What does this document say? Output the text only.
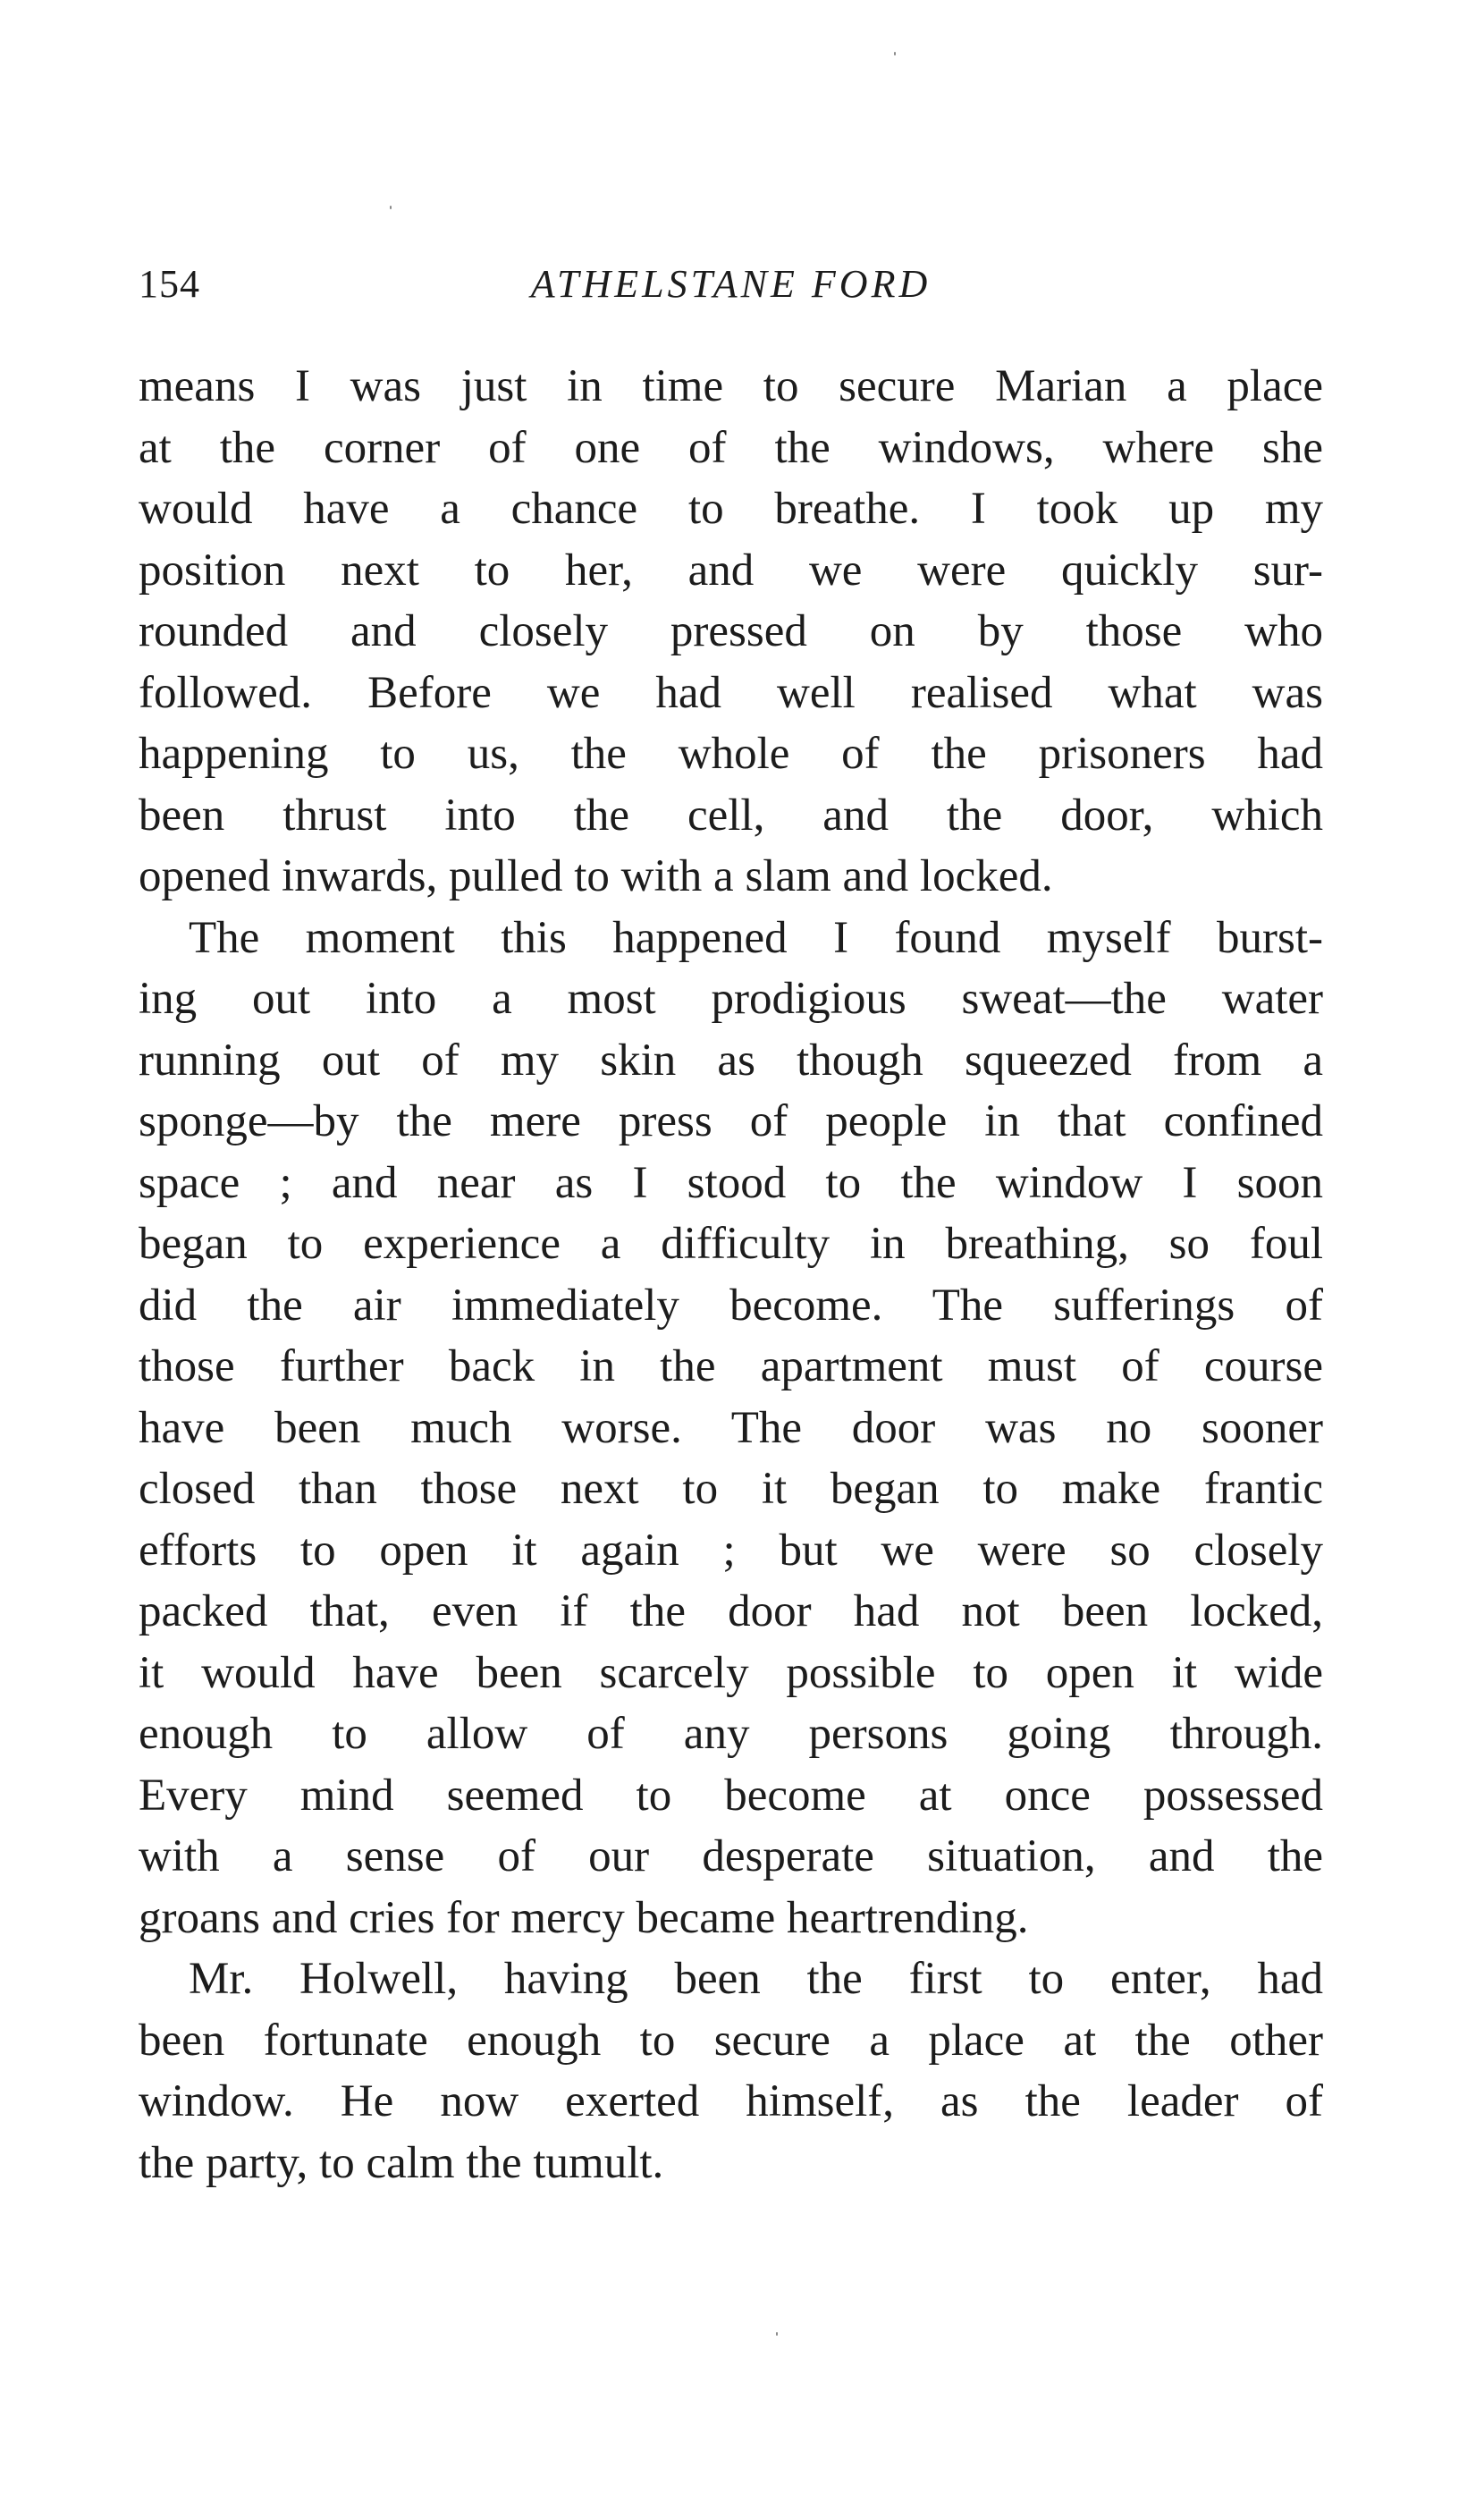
154	ATHELSTANE FORD
means I was just in time to secure Marian a place
at the corner of one of the windows, where she
would have a chance to breathe. I took up my
position next to her, and we were quickly sur-
rounded and closely pressed on by those who
followed. Before we had well realised what was
happening to us, the whole of the prisoners had
been thrust into the cell, and the door, which
opened inwards, pulled to with a slam and locked.
The moment this happened I found myself burst-
ing out into a most prodigious sweat—the water
running out of my skin as though squeezed from a
sponge—by the mere press of people in that confined
space ; and near as I stood to the window I soon
began to experience a difficulty in breathing, so foul
did the air immediately become. The sufferings of
those further back in the apartment must of course
have been much worse. The door was no sooner
closed than those next to it began to make frantic
efforts to open it again ; but we were so closely
packed that, even if the door had not been locked,
it would have been scarcely possible to open it wide
enough to allow of any persons going through.
Every mind seemed to become at once possessed
with a sense of our desperate situation, and the
groans and cries for mercy became heartrending.
Mr. Holwell, having been the first to enter, had
been fortunate enough to secure a place at the other
window. He now exerted himself, as the leader of
the party, to calm the tumult.
